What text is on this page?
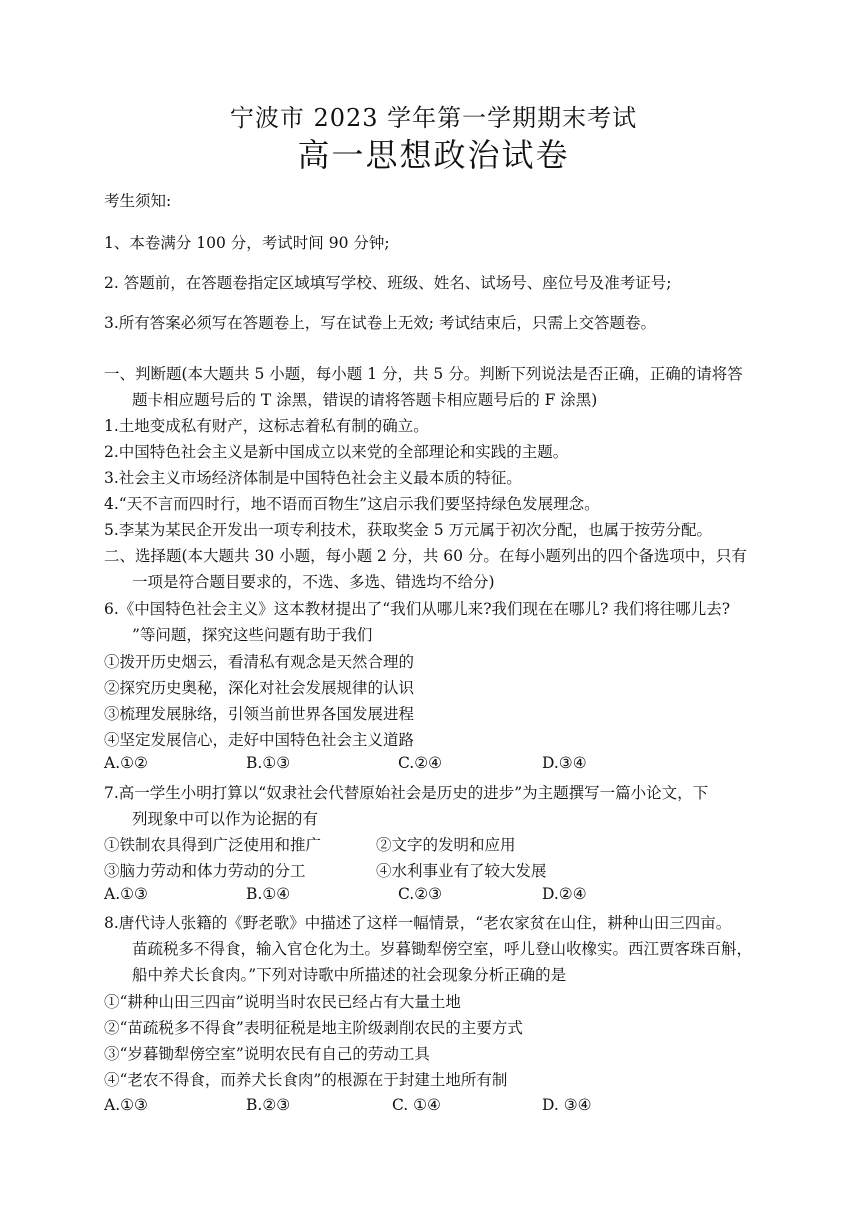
宁波市 2023 学年第一学期期末考试
高一思想政治试卷
考生须知:
1、本卷满分 100 分，考试时间 90 分钟;
2. 答题前，在答题卷指定区域填写学校、班级、姓名、试场号、座位号及准考证号;
3.所有答案必须写在答题卷上，写在试卷上无效; 考试结束后，只需上交答题卷。
一、判断题(本大题共 5 小题，每小题 1 分，共 5 分。判断下列说法是否正确，正确的请将答
题卡相应题号后的 T 涂黑，错误的请将答题卡相应题号后的 F 涂黑)
1.土地变成私有财产，这标志着私有制的确立。
2.中国特色社会主义是新中国成立以来党的全部理论和实践的主题。
3.社会主义市场经济体制是中国特色社会主义最本质的特征。
4.“天不言而四时行，地不语而百物生”这启示我们要坚持绿色发展理念。
5.李某为某民企开发出一项专利技术，获取奖金 5 万元属于初次分配，也属于按劳分配。
二、选择题(本大题共 30 小题，每小题 2 分，共 60 分。在每小题列出的四个备选项中，只有
一项是符合题目要求的，不选、多选、错选均不给分)
6.《中国特色社会主义》这本教材提出了“我们从哪儿来?我们现在在哪儿? 我们将往哪儿去?
”等问题，探究这些问题有助于我们
①拨开历史烟云，看清私有观念是天然合理的
②探究历史奥秘，深化对社会发展规律的认识
③梳理发展脉络，引领当前世界各国发展进程
④坚定发展信心，走好中国特色社会主义道路
A.①②	B.①③	C.②④	D.③④
7.高一学生小明打算以“奴隶社会代替原始社会是历史的进步”为主题撰写一篇小论文，下
列现象中可以作为论据的有
①铁制农具得到广泛使用和推广	②文字的发明和应用
③脑力劳动和体力劳动的分工	④水利事业有了较大发展
A.①③	B.①④	C.②③	D.②④
8.唐代诗人张籍的《野老歌》中描述了这样一幅情景，“老农家贫在山住，耕种山田三四亩。
苗疏税多不得食，输入官仓化为土。岁暮锄犁傍空室，呼儿登山收橡实。西江贾客珠百斛，
船中养犬长食肉。”下列对诗歌中所描述的社会现象分析正确的是
①“耕种山田三四亩”说明当时农民已经占有大量土地
②“苗疏税多不得食”表明征税是地主阶级剥削农民的主要方式
③“岁暮锄犁傍空室”说明农民有自己的劳动工具
④“老农不得食，而养犬长食肉”的根源在于封建土地所有制
A.①③	B.②③	C. ①④	D. ③④
